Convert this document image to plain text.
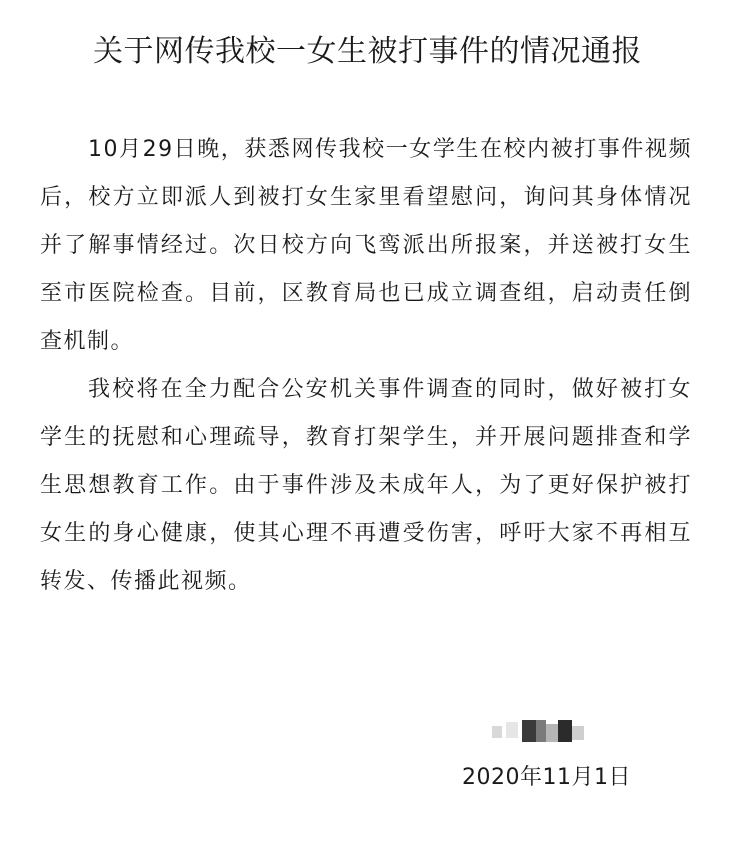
关于网传我校一女生被打事件的情况通报

10月29日晚，获悉网传我校一女学生在校内被打事件视频后，校方立即派人到被打女生家里看望慰问，询问其身体情况并了解事情经过。次日校方向飞鸾派出所报案，并送被打女生至市医院检查。目前，区教育局也已成立调查组，启动责任倒查机制。

我校将在全力配合公安机关事件调查的同时，做好被打女学生的抚慰和心理疏导，教育打架学生，并开展问题排查和学生思想教育工作。由于事件涉及未成年人，为了更好保护被打女生的身心健康，使其心理不再遭受伤害，呼吁大家不再相互转发、传播此视频。

2020年11月1日
